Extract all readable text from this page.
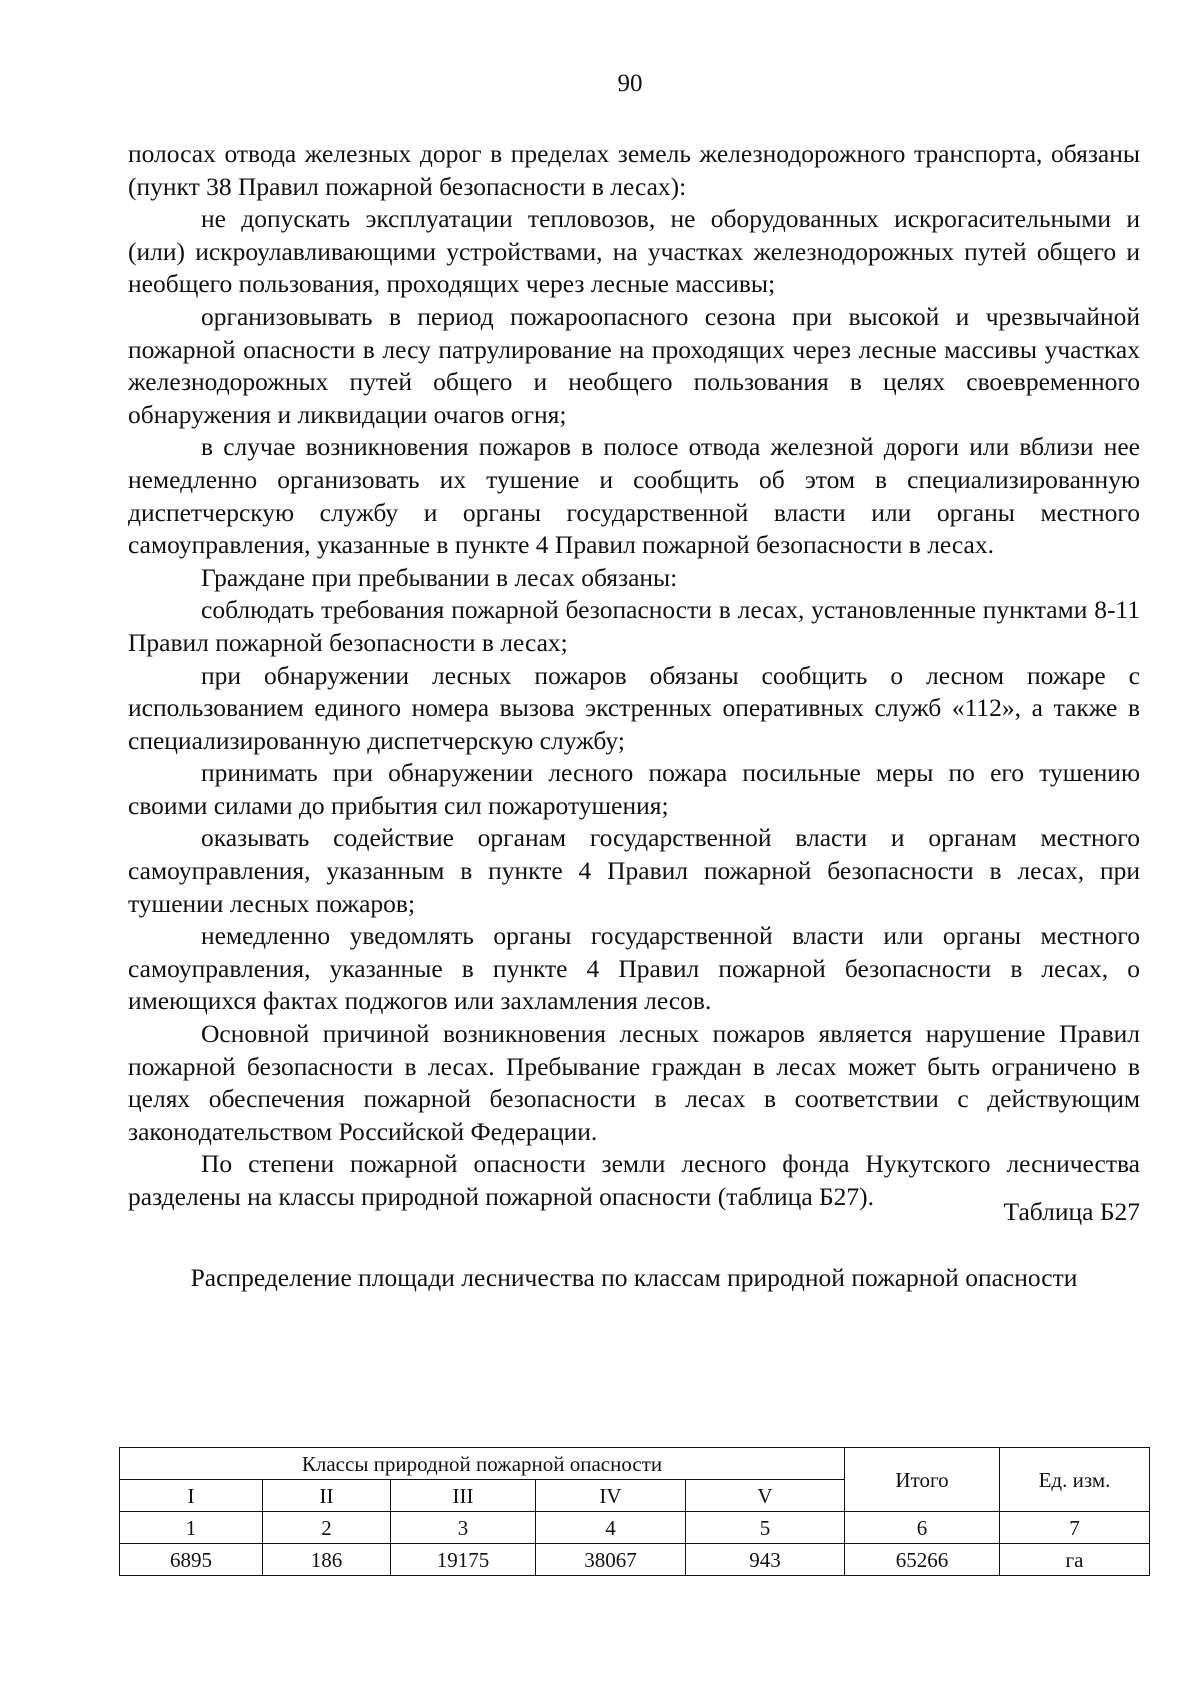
90

полосах отвода железных дорог в пределах земель железнодорожного транспорта, обязаны (пункт 38 Правил пожарной безопасности в лесах):

не допускать эксплуатации тепловозов, не оборудованных искрогасительными и (или) искроулавливающими устройствами, на участках железнодорожных путей общего и необщего пользования, проходящих через лесные массивы;

организовывать в период пожароопасного сезона при высокой и чрезвычайной пожарной опасности в лесу патрулирование на проходящих через лесные массивы участках железнодорожных путей общего и необщего пользования в целях своевременного обнаружения и ликвидации очагов огня;

в случае возникновения пожаров в полосе отвода железной дороги или вблизи нее немедленно организовать их тушение и сообщить об этом в специализированную диспетчерскую службу и органы государственной власти или органы местного самоуправления, указанные в пункте 4 Правил пожарной безопасности в лесах.

Граждане при пребывании в лесах обязаны:

соблюдать требования пожарной безопасности в лесах, установленные пунктами 8-11 Правил пожарной безопасности в лесах;

при обнаружении лесных пожаров обязаны сообщить о лесном пожаре с использованием единого номера вызова экстренных оперативных служб «112», а также в специализированную диспетчерскую службу;

принимать при обнаружении лесного пожара посильные меры по его тушению своими силами до прибытия сил пожаротушения;

оказывать содействие органам государственной власти и органам местного самоуправления, указанным в пункте 4 Правил пожарной безопасности в лесах, при тушении лесных пожаров;

немедленно уведомлять органы государственной власти или органы местного самоуправления, указанные в пункте 4 Правил пожарной безопасности в лесах, о имеющихся фактах поджогов или захламления лесов.

Основной причиной возникновения лесных пожаров является нарушение Правил пожарной безопасности в лесах. Пребывание граждан в лесах может быть ограничено в целях обеспечения пожарной безопасности в лесах в соответствии с действующим законодательством Российской Федерации.

По степени пожарной опасности земли лесного фонда Нукутского лесничества разделены на классы природной пожарной опасности (таблица Б27).

Таблица Б27
Распределение площади лесничества по классам природной пожарной опасности
Классы природной пожарной опасности					Итого	Ед. изм.
I	II	III	IV	V		
1	2	3	4	5	6	7
6895	186	19175	38067	943	65266	га
